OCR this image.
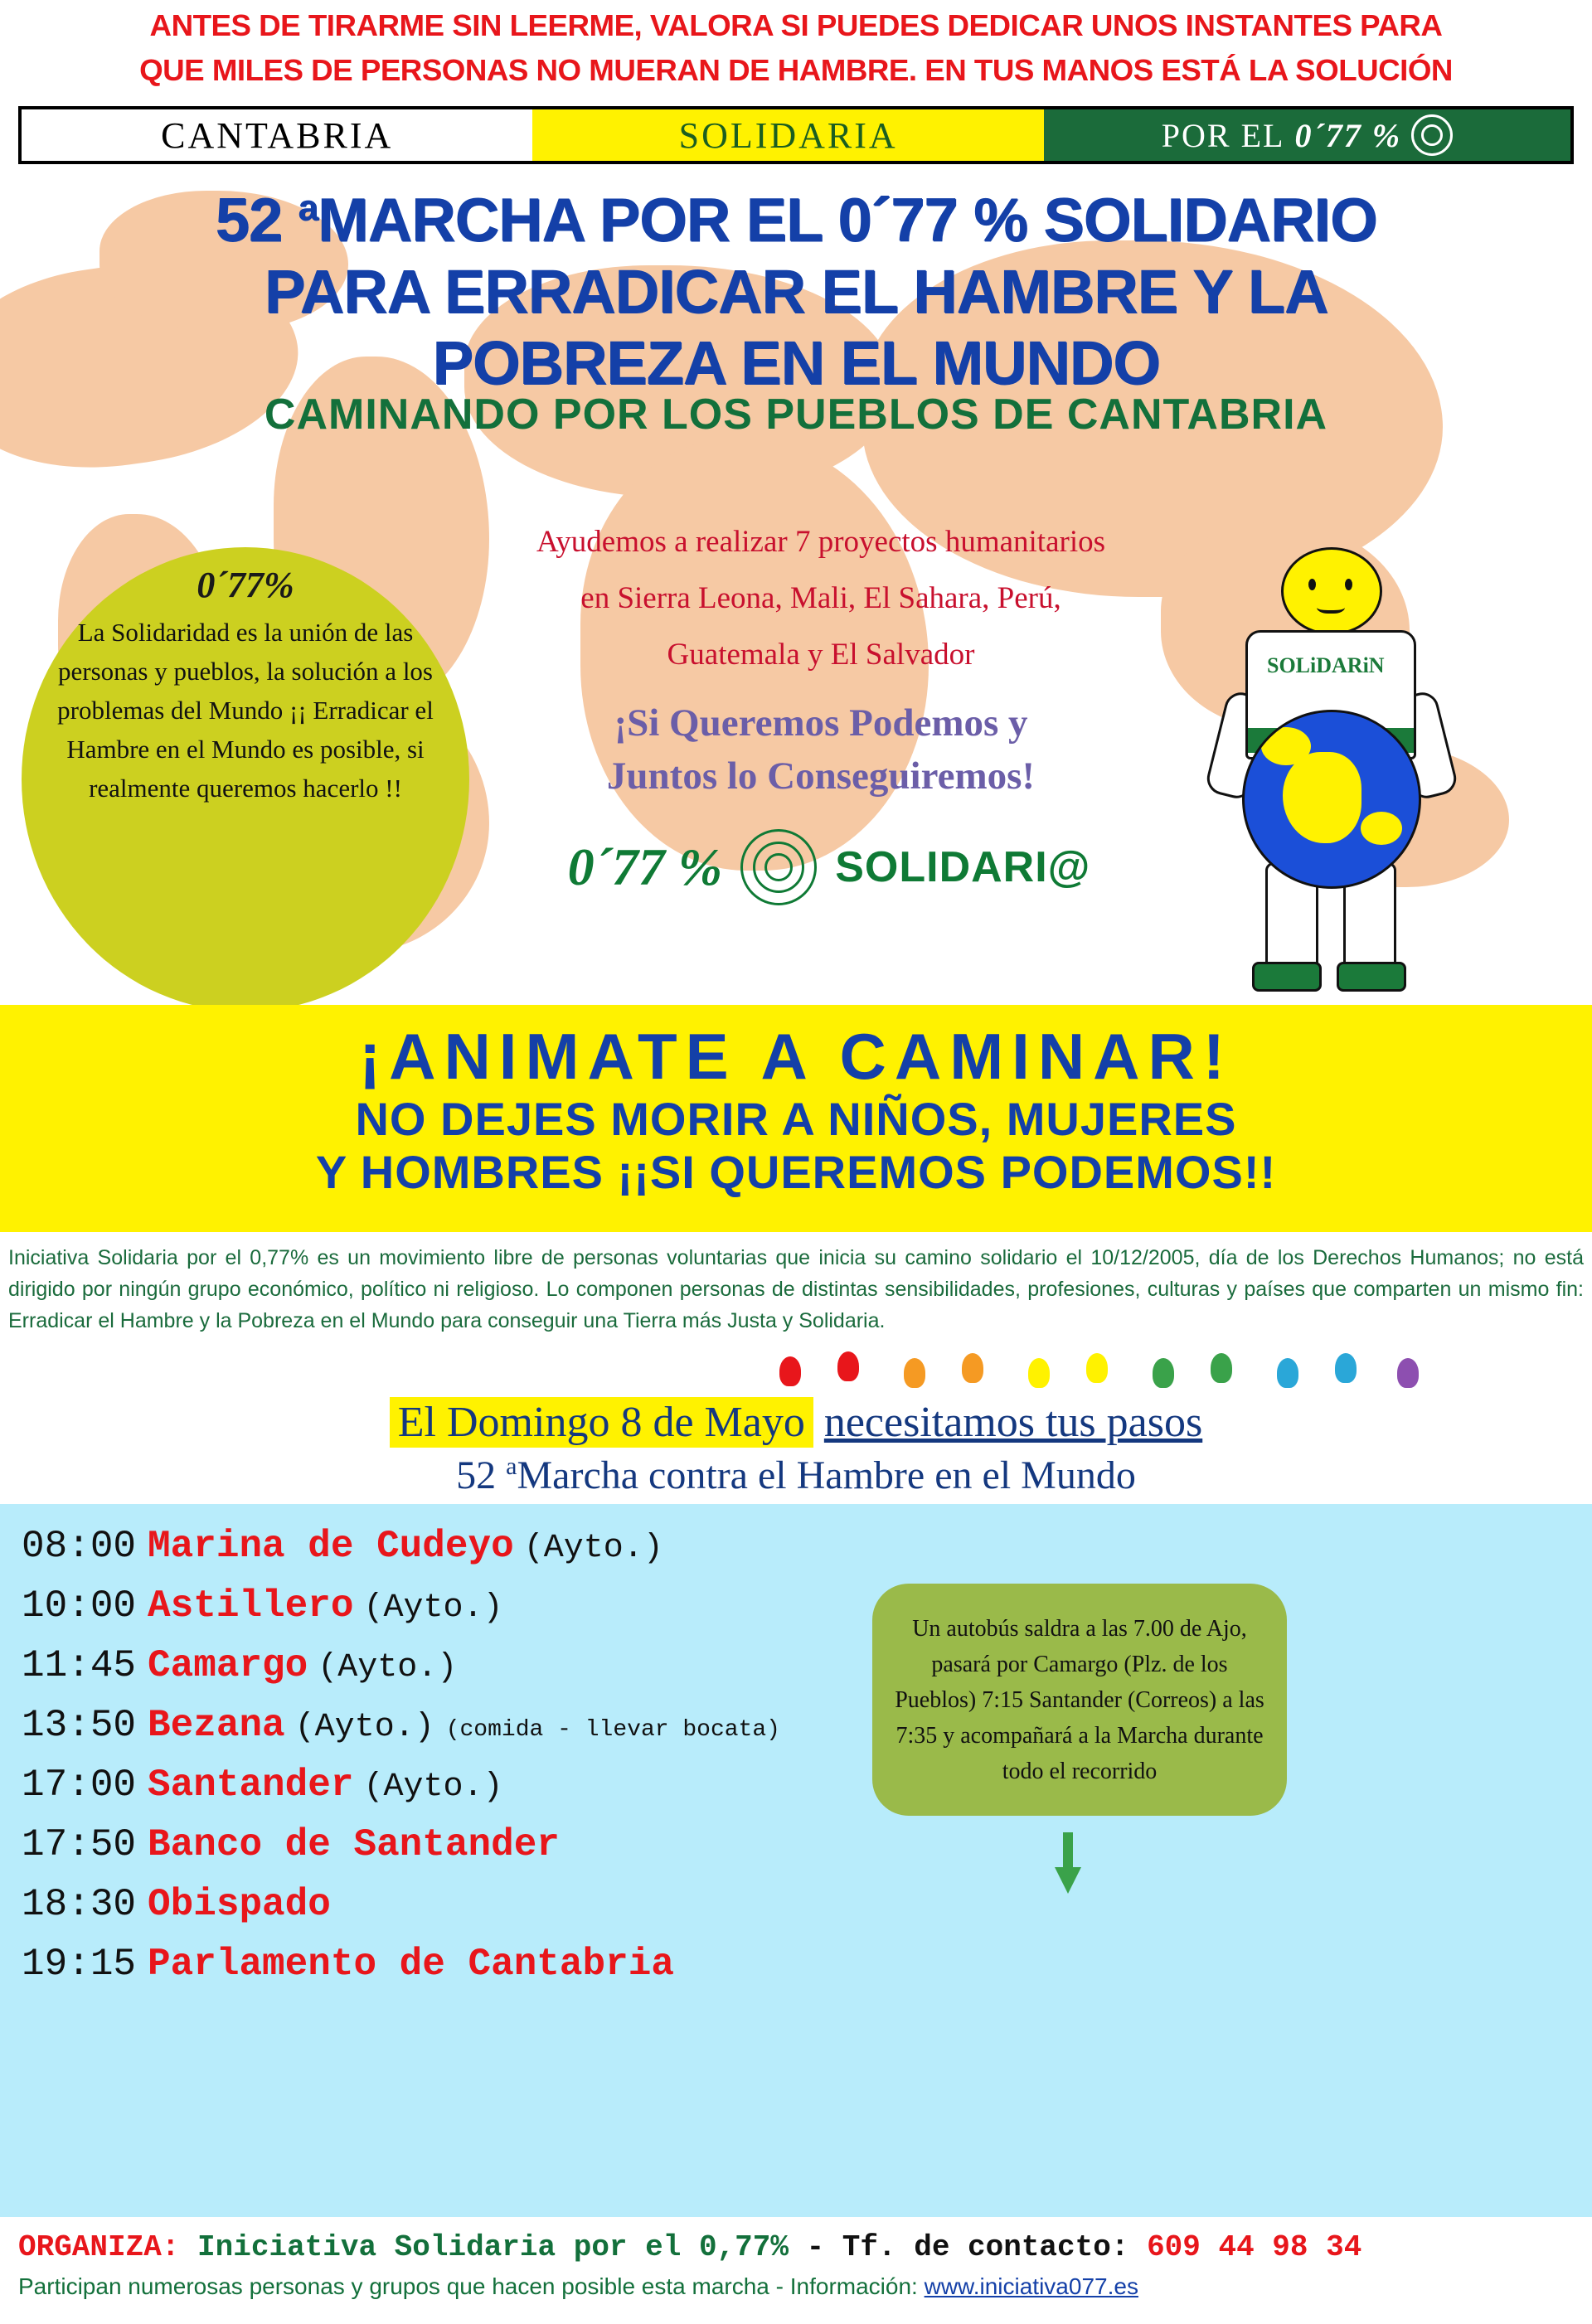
ANTES DE TIRARME SIN LEERME, VALORA SI PUEDES DEDICAR UNOS INSTANTES PARA
QUE MILES DE PERSONAS NO MUERAN DE HAMBRE. EN TUS MANOS ESTÁ LA SOLUCIÓN
CANTABRIA	SOLIDARIA	POR EL 0´77 %
52 $^a$MARCHA POR EL 0´77 % SOLIDARIO
PARA ERRADICAR EL HAMBRE Y LA
POBREZA EN EL MUNDO
CAMINANDO POR LOS PUEBLOS DE CANTABRIA
0´77%

La Solidaridad es la unión de las personas y pueblos, la solución a los problemas del Mundo ¡¡ Erradicar el Hambre en el Mundo es posible, si realmente queremos hacerlo !!

Ayudemos a realizar 7 proyectos humanitarios
en Sierra Leona, Mali, El Sahara, Perú,
Guatemala y El Salvador
¡Si Queremos Podemos y
Juntos lo Conseguiremos!
0´77 %	SOLIDARI@
SOLiDARiN
¡ANIMATE A CAMINAR!
NO DEJES MORIR A NIÑOS, MUJERES
Y HOMBRES ¡¡SI QUEREMOS PODEMOS!!
Iniciativa Solidaria por el 0,77% es un movimiento libre de personas voluntarias que inicia su camino solidario el 10/12/2005, día de los Derechos Humanos; no está dirigido por ningún grupo económico, político ni religioso. Lo componen personas de distintas sensibilidades, profesiones, culturas y países que comparten un mismo fin: Erradicar el Hambre y la Pobreza en el Mundo para conseguir una Tierra más Justa y Solidaria.
El Domingo 8 de Mayo necesitamos tus pasos
52 $^a$Marcha contra el Hambre en el Mundo
08:00 Marina de Cudeyo (Ayto.)
10:00 Astillero (Ayto.)
11:45 Camargo (Ayto.)
13:50 Bezana (Ayto.) (comida - llevar bocata)
17:00 Santander (Ayto.)
17:50 Banco de Santander
18:30 Obispado
19:15 Parlamento de Cantabria

Un autobús saldra a las 7.00 de Ajo, pasará por Camargo (Plz. de los Pueblos) 7:15 Santander (Correos) a las 7:35 y acompañará a la Marcha durante todo el recorrido

ORGANIZA: Iniciativa Solidaria por el 0,77% - Tf. de contacto: 609 44 98 34
Participan numerosas personas y grupos que hacen posible esta marcha - Información: www.iniciativa077.es
